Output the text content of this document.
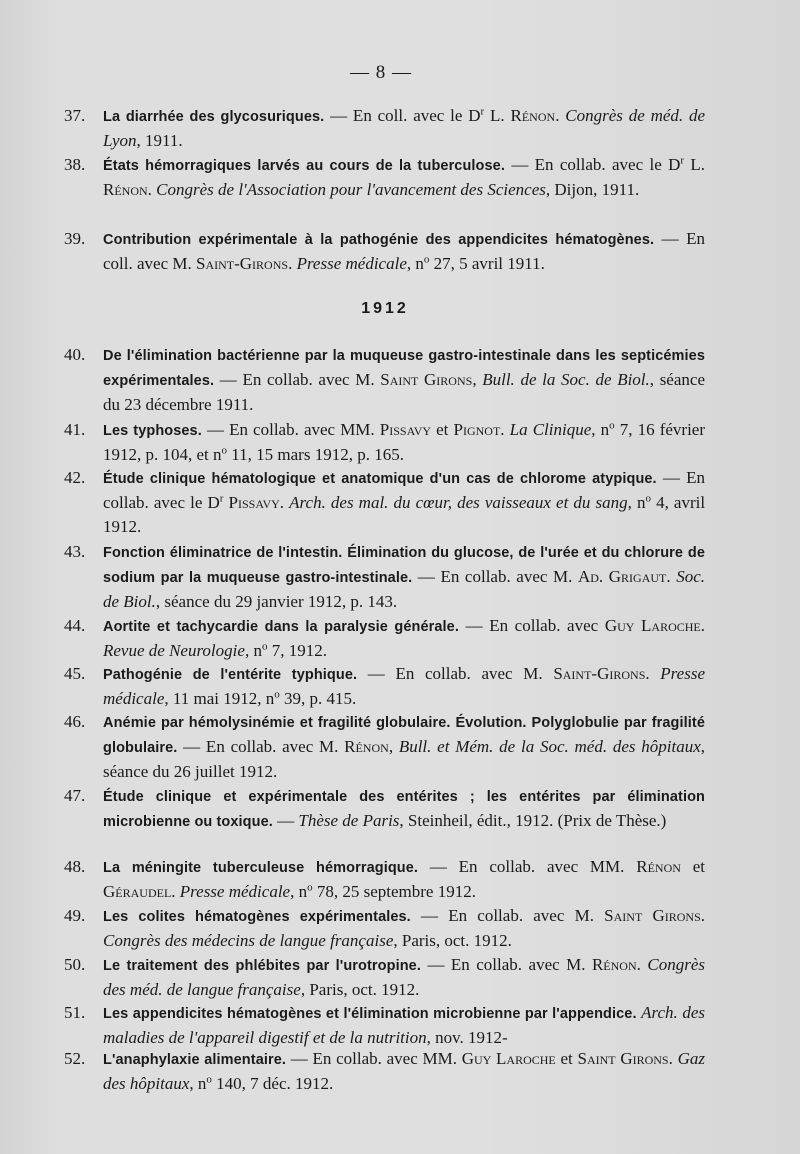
— 8 —
1912
37.	La diarrhée des glycosuriques. — En coll. avec le $D^r$ L. Rénon. Congrès de méd. de Lyon, 1911.
38.	États hémorragiques larvés au cours de la tuberculose. — En collab. avec le $D^r$ L. Rénon. Congrès de l'Association pour l'avancement des Sciences, Dijon, 1911.
39.	Contribution expérimentale à la pathogénie des appendicites hématogènes. — En coll. avec M. Saint-Girons. Presse médicale, $n^o$ 27, 5 avril 1911.
40.	De l'élimination bactérienne par la muqueuse gastro-intestinale dans les septicémies expérimentales. — En collab. avec M. Saint Girons, Bull. de la Soc. de Biol., séance du 23 décembre 1911.
41.	Les typhoses. — En collab. avec MM. Pissavy et Pignot. La Clinique, $n^o$ 7, 16 février 1912, p. 104, et $n^o$ 11, 15 mars 1912, p. 165.
42.	Étude clinique hématologique et anatomique d'un cas de chlorome atypique. — En collab. avec le $D^r$ Pissavy. Arch. des mal. du cœur, des vaisseaux et du sang, $n^o$ 4, avril 1912.
43.	Fonction éliminatrice de l'intestin. Élimination du glucose, de l'urée et du chlorure de sodium par la muqueuse gastro-intestinale. — En collab. avec M. Ad. Grigaut. Soc. de Biol., séance du 29 janvier 1912, p. 143.
44.	Aortite et tachycardie dans la paralysie générale. — En collab. avec Guy Laroche. Revue de Neurologie, $n^o$ 7, 1912.
45.	Pathogénie de l'entérite typhique. — En collab. avec M. Saint-Girons. Presse médicale, 11 mai 1912, $n^o$ 39, p. 415.
46.	Anémie par hémolysinémie et fragilité globulaire. Évolution. Polyglobulie par fragilité globulaire. — En collab. avec M. Rénon, Bull. et Mém. de la Soc. méd. des hôpitaux, séance du 26 juillet 1912.
47.	Étude clinique et expérimentale des entérites ; les entérites par élimination microbienne ou toxique. — Thèse de Paris, Steinheil, édit., 1912. (Prix de Thèse.)
48.	La méningite tuberculeuse hémorragique. — En collab. avec MM. Rénon et Géraudel. Presse médicale, $n^o$ 78, 25 septembre 1912.
49.	Les colites hématogènes expérimentales. — En collab. avec M. Saint Girons. Congrès des médecins de langue française, Paris, oct. 1912.
50.	Le traitement des phlébites par l'urotropine. — En collab. avec M. Rénon. Congrès des méd. de langue française, Paris, oct. 1912.
51.	Les appendicites hématogènes et l'élimination microbienne par l'appendice. Arch. des maladies de l'appareil digestif et de la nutrition, nov. 1912-
52.	L'anaphylaxie alimentaire. — En collab. avec MM. Guy Laroche et Saint Girons. Gaz des hôpitaux, $n^o$ 140, 7 déc. 1912.
